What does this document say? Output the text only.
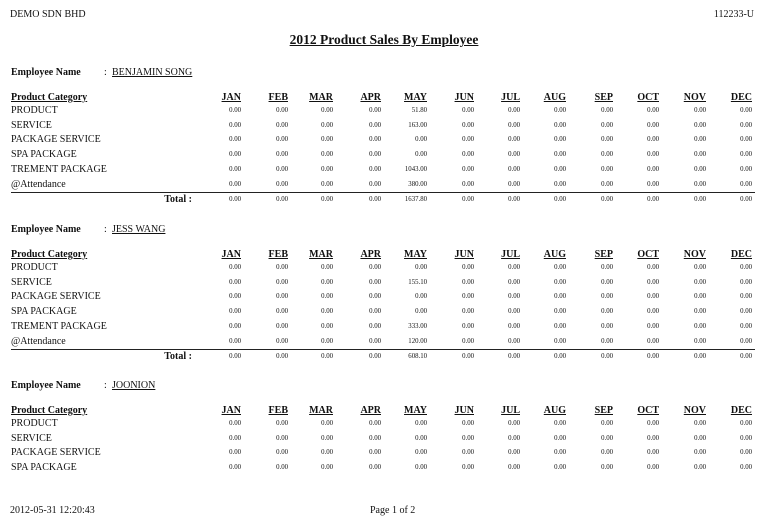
DEMO SDN BHD	112233-U
2012 Product Sales By Employee
Employee Name : BENJAMIN SONG
Product Category	JAN	FEB	MAR	APR	MAY	JUN	JUL	AUG	SEP	OCT	NOV	DEC
PRODUCT	0.00	0.00	0.00	0.00	51.80	0.00	0.00	0.00	0.00	0.00	0.00	0.00
SERVICE	0.00	0.00	0.00	0.00	163.00	0.00	0.00	0.00	0.00	0.00	0.00	0.00
PACKAGE SERVICE	0.00	0.00	0.00	0.00	0.00	0.00	0.00	0.00	0.00	0.00	0.00	0.00
SPA PACKAGE	0.00	0.00	0.00	0.00	0.00	0.00	0.00	0.00	0.00	0.00	0.00	0.00
TREMENT PACKAGE	0.00	0.00	0.00	0.00	1043.00	0.00	0.00	0.00	0.00	0.00	0.00	0.00
@Attendance	0.00	0.00	0.00	0.00	380.00	0.00	0.00	0.00	0.00	0.00	0.00	0.00
Total :	0.00	0.00	0.00	0.00	1637.80	0.00	0.00	0.00	0.00	0.00	0.00	0.00
Employee Name : JESS WANG
Product Category	JAN	FEB	MAR	APR	MAY	JUN	JUL	AUG	SEP	OCT	NOV	DEC
PRODUCT	0.00	0.00	0.00	0.00	0.00	0.00	0.00	0.00	0.00	0.00	0.00	0.00
SERVICE	0.00	0.00	0.00	0.00	155.10	0.00	0.00	0.00	0.00	0.00	0.00	0.00
PACKAGE SERVICE	0.00	0.00	0.00	0.00	0.00	0.00	0.00	0.00	0.00	0.00	0.00	0.00
SPA PACKAGE	0.00	0.00	0.00	0.00	0.00	0.00	0.00	0.00	0.00	0.00	0.00	0.00
TREMENT PACKAGE	0.00	0.00	0.00	0.00	333.00	0.00	0.00	0.00	0.00	0.00	0.00	0.00
@Attendance	0.00	0.00	0.00	0.00	120.00	0.00	0.00	0.00	0.00	0.00	0.00	0.00
Total :	0.00	0.00	0.00	0.00	608.10	0.00	0.00	0.00	0.00	0.00	0.00	0.00
Employee Name : JOONION
Product Category	JAN	FEB	MAR	APR	MAY	JUN	JUL	AUG	SEP	OCT	NOV	DEC
PRODUCT	0.00	0.00	0.00	0.00	0.00	0.00	0.00	0.00	0.00	0.00	0.00	0.00
SERVICE	0.00	0.00	0.00	0.00	0.00	0.00	0.00	0.00	0.00	0.00	0.00	0.00
PACKAGE SERVICE	0.00	0.00	0.00	0.00	0.00	0.00	0.00	0.00	0.00	0.00	0.00	0.00
SPA PACKAGE	0.00	0.00	0.00	0.00	0.00	0.00	0.00	0.00	0.00	0.00	0.00	0.00
2012-05-31 12:20:43	Page 1 of 2
